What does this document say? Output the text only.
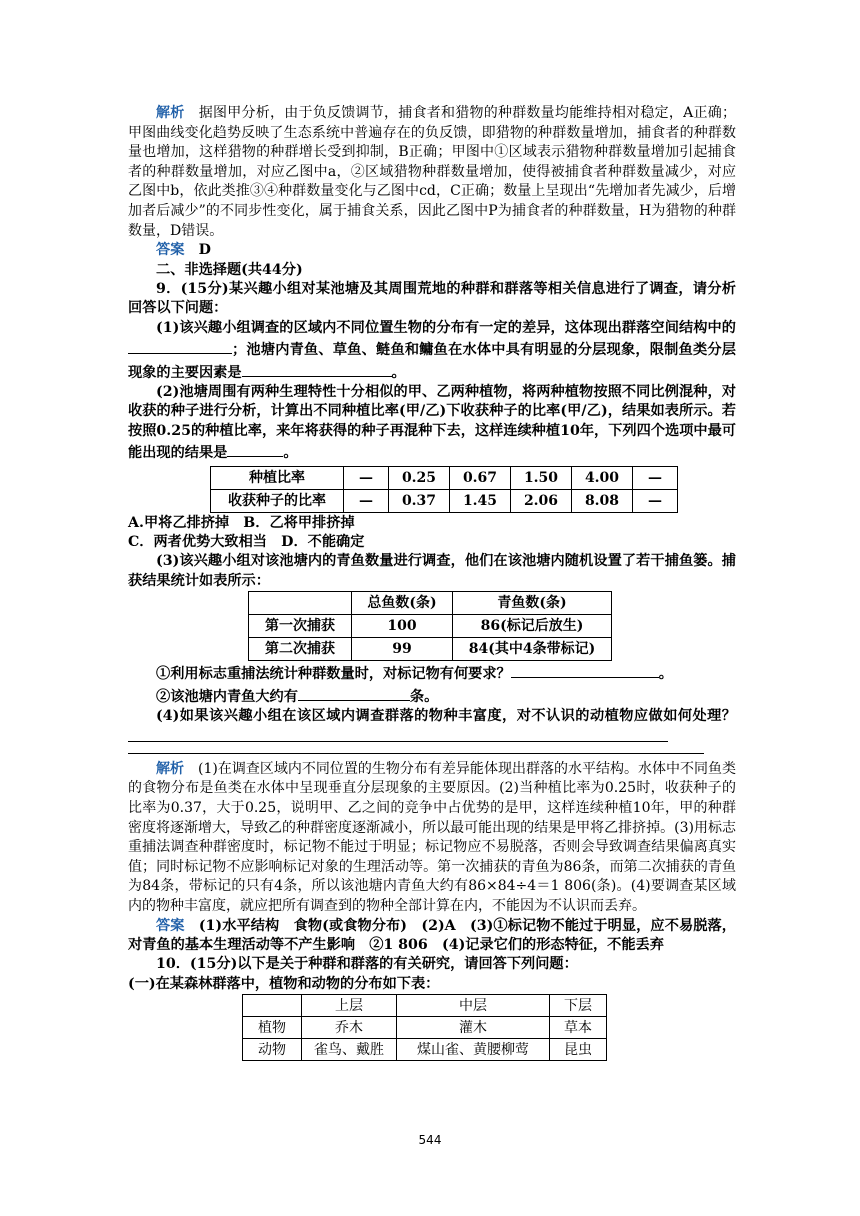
解析　 据图甲分析，由于负反馈调节，捕食者和猎物的种群数量均能维持相对稳定，A正确；甲图曲线变化趋势反映了生态系统中普遍存在的负反馈，即猎物的种群数量增加，捕食者的种群数量也增加，这样猎物的种群增长受到抑制，B正确；甲图中①区域表示猎物种群数量增加引起捕食者的种群数量增加，对应乙图中a，②区域猎物种群数量增加，使得被捕食者种群数量减少，对应乙图中b，依此类推③④种群数量变化与乙图中cd，C正确；数量上呈现出“先增加者先减少，后增加者后减少”的不同步性变化，属于捕食关系，因此乙图中P为捕食者的种群数量，H为猎物的种群数量，D错误。

答案　 D

二、非选择题(共44分)

9．(15分)某兴趣小组对某池塘及其周围荒地的种群和群落等相关信息进行了调查，请分析回答以下问题：

(1)该兴趣小组调查的区域内不同位置生物的分布有一定的差异，这体现出群落空间结构中的；池塘内青鱼、草鱼、鲢鱼和鳙鱼在水体中具有明显的分层现象，限制鱼类分层现象的主要因素是	。

(2)池塘周围有两种生理特性十分相似的甲、乙两种植物，将两种植物按照不同比例混种，对收获的种子进行分析，计算出不同种植比率(甲/乙)下收获种子的比率(甲/乙)，结果如表所示。若按照0.25的种植比率，来年将获得的种子再混种下去，这样连续种植10年，下列四个选项中最可能出现的结果是	。

种植比率	—	0.25	0.67	1.50	4.00	—
收获种子的比率	—	0.37	1.45	2.06	8.08	—

A.甲将乙排挤掉　B．乙将甲排挤掉

C．两者优势大致相当　D．不能确定

(3)该兴趣小组对该池塘内的青鱼数量进行调查，他们在该池塘内随机设置了若干捕鱼篓。捕获结果统计如表所示：

	总鱼数(条)	青鱼数(条)
第一次捕获	100	86(标记后放生)
第二次捕获	99	84(其中4条带标记)

①利用标志重捕法统计种群数量时，对标记物有何要求？	。

②该池塘内青鱼大约有	条。

(4)如果该兴趣小组在该区域内调查群落的物种丰富度，对不认识的动植物应做如何处理？

解析　 (1)在调查区域内不同位置的生物分布有差异能体现出群落的水平结构。水体中不同鱼类的食物分布是鱼类在水体中呈现垂直分层现象的主要原因。(2)当种植比率为0.25时，收获种子的比率为0.37，大于0.25，说明甲、乙之间的竞争中占优势的是甲，这样连续种植10年，甲的种群密度将逐渐增大，导致乙的种群密度逐渐减小，所以最可能出现的结果是甲将乙排挤掉。(3)用标志重捕法调查种群密度时，标记物不能过于明显；标记物应不易脱落，否则会导致调查结果偏离真实值；同时标记物不应影响标记对象的生理活动等。第一次捕获的青鱼为86条，而第二次捕获的青鱼为84条，带标记的只有4条，所以该池塘内青鱼大约有86×84÷4＝1 806(条)。(4)要调查某区域内的物种丰富度，就应把所有调查到的物种全部计算在内，不能因为不认识而丢弃。

答案　 (1)水平结构　食物(或食物分布)　(2)A　(3)①标记物不能过于明显，应不易脱落，对青鱼的基本生理活动等不产生影响　②1 806　(4)记录它们的形态特征，不能丢弃

10．(15分)以下是关于种群和群落的有关研究，请回答下列问题：

(一)在某森林群落中，植物和动物的分布如下表：

	上层	中层	下层
植物	乔木	灌木	草本
动物	雀鸟、戴胜	煤山雀、黄腰柳莺	昆虫
544
